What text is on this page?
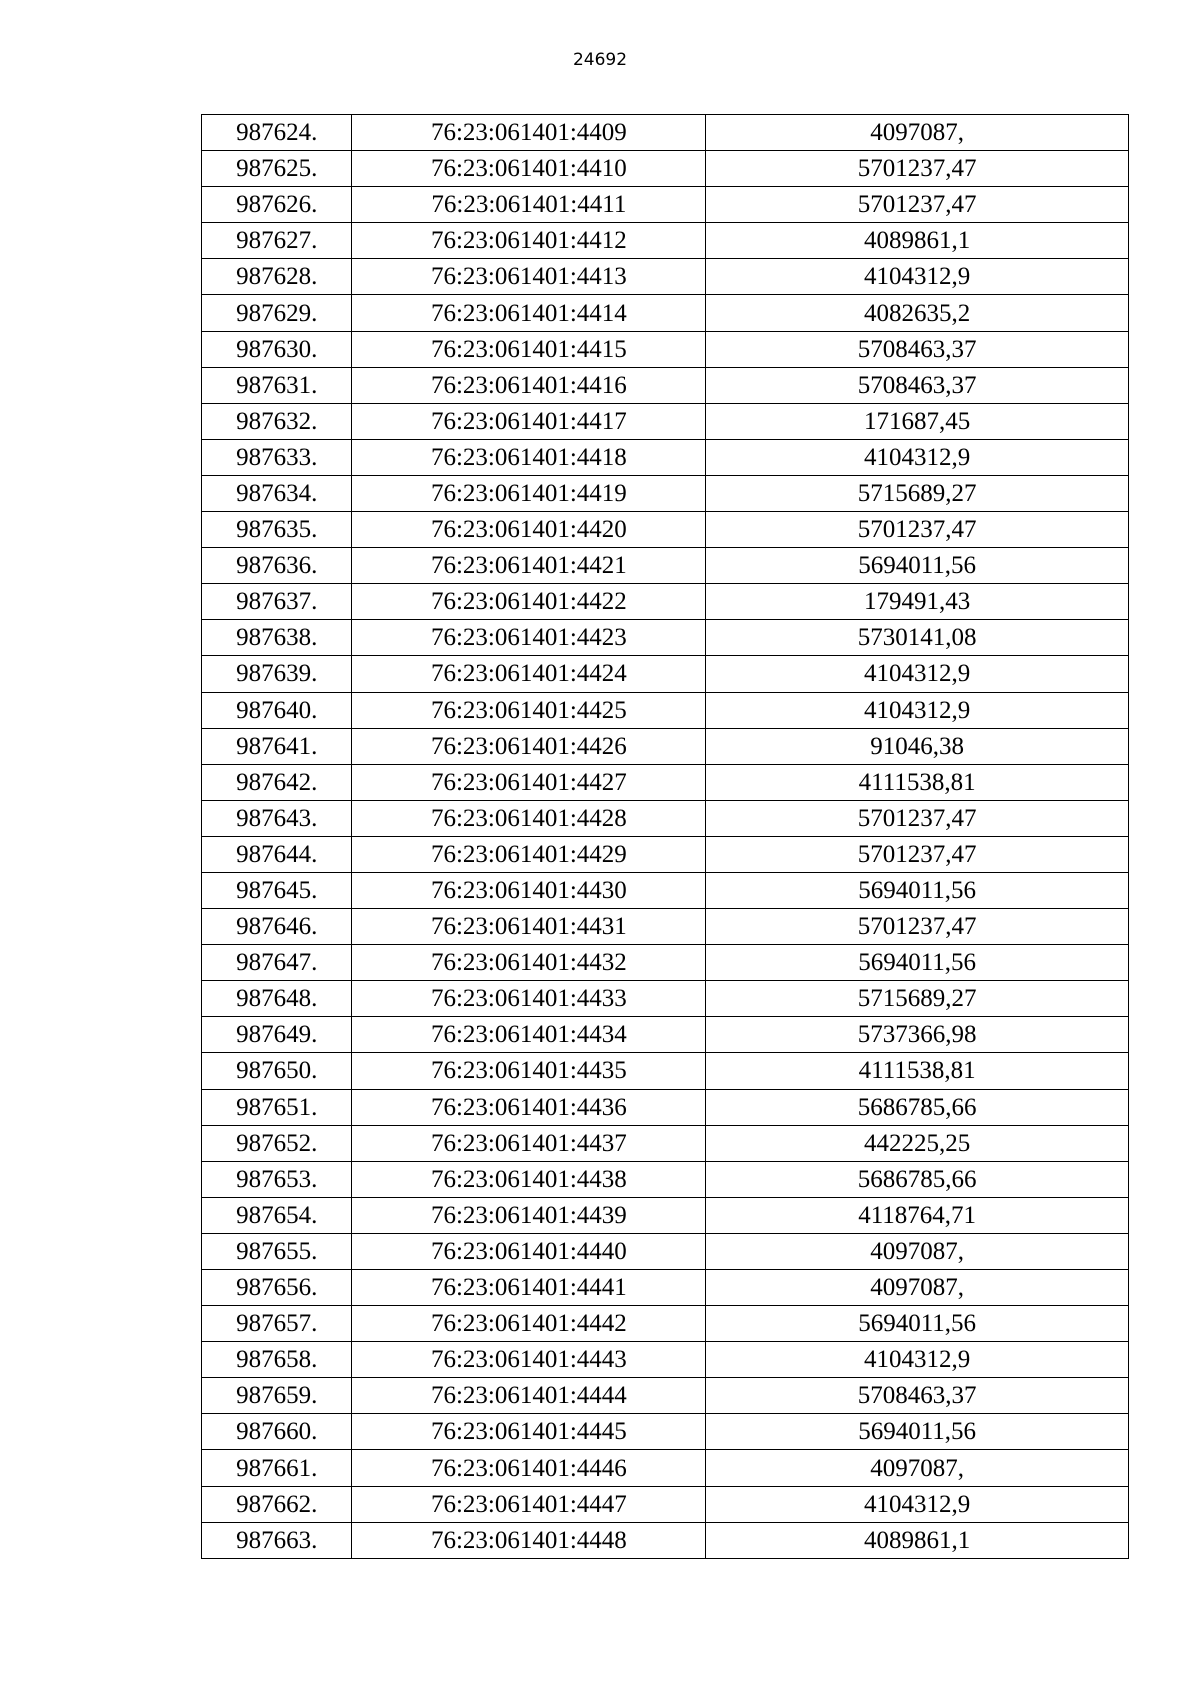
24692
987624.	76:23:061401:4409	4097087,
987625.	76:23:061401:4410	5701237,47
987626.	76:23:061401:4411	5701237,47
987627.	76:23:061401:4412	4089861,1
987628.	76:23:061401:4413	4104312,9
987629.	76:23:061401:4414	4082635,2
987630.	76:23:061401:4415	5708463,37
987631.	76:23:061401:4416	5708463,37
987632.	76:23:061401:4417	171687,45
987633.	76:23:061401:4418	4104312,9
987634.	76:23:061401:4419	5715689,27
987635.	76:23:061401:4420	5701237,47
987636.	76:23:061401:4421	5694011,56
987637.	76:23:061401:4422	179491,43
987638.	76:23:061401:4423	5730141,08
987639.	76:23:061401:4424	4104312,9
987640.	76:23:061401:4425	4104312,9
987641.	76:23:061401:4426	91046,38
987642.	76:23:061401:4427	4111538,81
987643.	76:23:061401:4428	5701237,47
987644.	76:23:061401:4429	5701237,47
987645.	76:23:061401:4430	5694011,56
987646.	76:23:061401:4431	5701237,47
987647.	76:23:061401:4432	5694011,56
987648.	76:23:061401:4433	5715689,27
987649.	76:23:061401:4434	5737366,98
987650.	76:23:061401:4435	4111538,81
987651.	76:23:061401:4436	5686785,66
987652.	76:23:061401:4437	442225,25
987653.	76:23:061401:4438	5686785,66
987654.	76:23:061401:4439	4118764,71
987655.	76:23:061401:4440	4097087,
987656.	76:23:061401:4441	4097087,
987657.	76:23:061401:4442	5694011,56
987658.	76:23:061401:4443	4104312,9
987659.	76:23:061401:4444	5708463,37
987660.	76:23:061401:4445	5694011,56
987661.	76:23:061401:4446	4097087,
987662.	76:23:061401:4447	4104312,9
987663.	76:23:061401:4448	4089861,1
